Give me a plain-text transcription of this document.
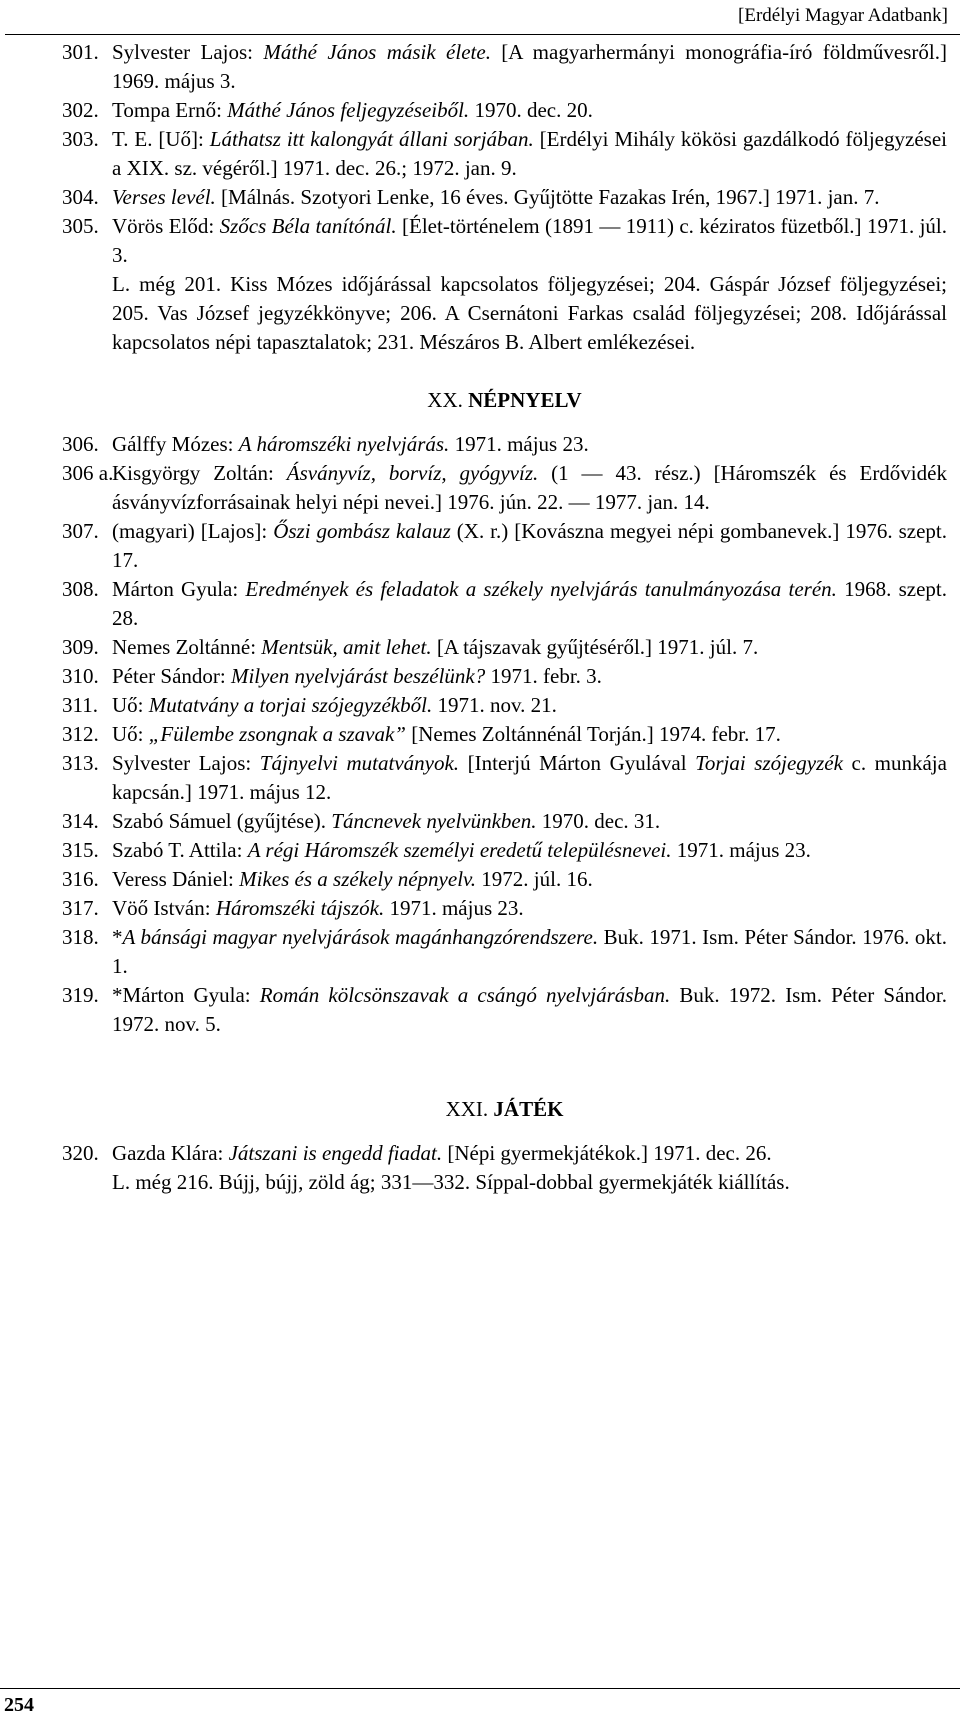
[Erdélyi Magyar Adatbank]
301. Sylvester Lajos: Máthé János másik élete. [A magyarhermányi monográfia-író földművesről.] 1969. május 3.
302. Tompa Ernő: Máthé János feljegyzéseiből. 1970. dec. 20.
303. T. E. [Uő]: Láthatsz itt kalongyát állani sorjában. [Erdélyi Mihály kökösi gazdálkodó följegyzései a XIX. sz. végéről.] 1971. dec. 26.; 1972. jan. 9.
304. Verses levél. [Málnás. Szotyori Lenke, 16 éves. Gyűjtötte Fazakas Irén, 1967.] 1971. jan. 7.
305. Vörös Előd: Szőcs Béla tanítónál. [Élet-történelem (1891 — 1911) c. kéziratos füzetből.] 1971. júl. 3.
L. még 201. Kiss Mózes időjárással kapcsolatos följegyzései; 204. Gáspár József följegyzései; 205. Vas József jegyzékkönyve; 206. A Csernátoni Farkas család följegyzései; 208. Időjárással kapcsolatos népi tapasztalatok; 231. Mészáros B. Albert emlékezései.
XX. NÉPNYELV
306. Gálffy Mózes: A háromszéki nyelvjárás. 1971. május 23.
306 a.
Kisgyörgy Zoltán: Ásványvíz, borvíz, gyógyvíz. (1 — 43. rész.) [Háromszék és Erdővidék ásványvízforrásainak helyi népi nevei.] 1976. jún. 22. — 1977. jan. 14.
307. (magyari) [Lajos]: Őszi gombász kalauz (X. r.) [Kovászna megyei népi gombanevek.] 1976. szept. 17.
308. Márton Gyula: Eredmények és feladatok a székely nyelvjárás tanulmányozása terén. 1968. szept. 28.
309. Nemes Zoltánné: Mentsük, amit lehet. [A tájszavak gyűjtéséről.] 1971. júl. 7.
310. Péter Sándor: Milyen nyelvjárást beszélünk? 1971. febr. 3.
311. Uő: Mutatvány a torjai szójegyzékből. 1971. nov. 21.
312. Uő: „Fülembe zsongnak a szavak” [Nemes Zoltánnénál Torján.] 1974. febr. 17.
313. Sylvester Lajos: Tájnyelvi mutatványok. [Interjú Márton Gyulával Torjai szójegyzék c. munkája kapcsán.] 1971. május 12.
314. Szabó Sámuel (gyűjtése). Táncnevek nyelvünkben. 1970. dec. 31.
315. Szabó T. Attila: A régi Háromszék személyi eredetű településnevei. 1971. május 23.
316. Veress Dániel: Mikes és a székely népnyelv. 1972. júl. 16.
317. Vöő István: Háromszéki tájszók. 1971. május 23.
318. *A bánsági magyar nyelvjárások magánhangzórendszere. Buk. 1971. Ism. Péter Sándor. 1976. okt. 1.
319. *Márton Gyula: Román kölcsönszavak a csángó nyelvjárásban. Buk. 1972. Ism. Péter Sándor. 1972. nov. 5.
XXI. JÁTÉK
320. Gazda Klára: Játszani is engedd fiadat. [Népi gyermekjátékok.] 1971. dec. 26.
L. még 216. Bújj, bújj, zöld ág; 331—332. Síppal-dobbal gyermekjáték kiállítás.
254
